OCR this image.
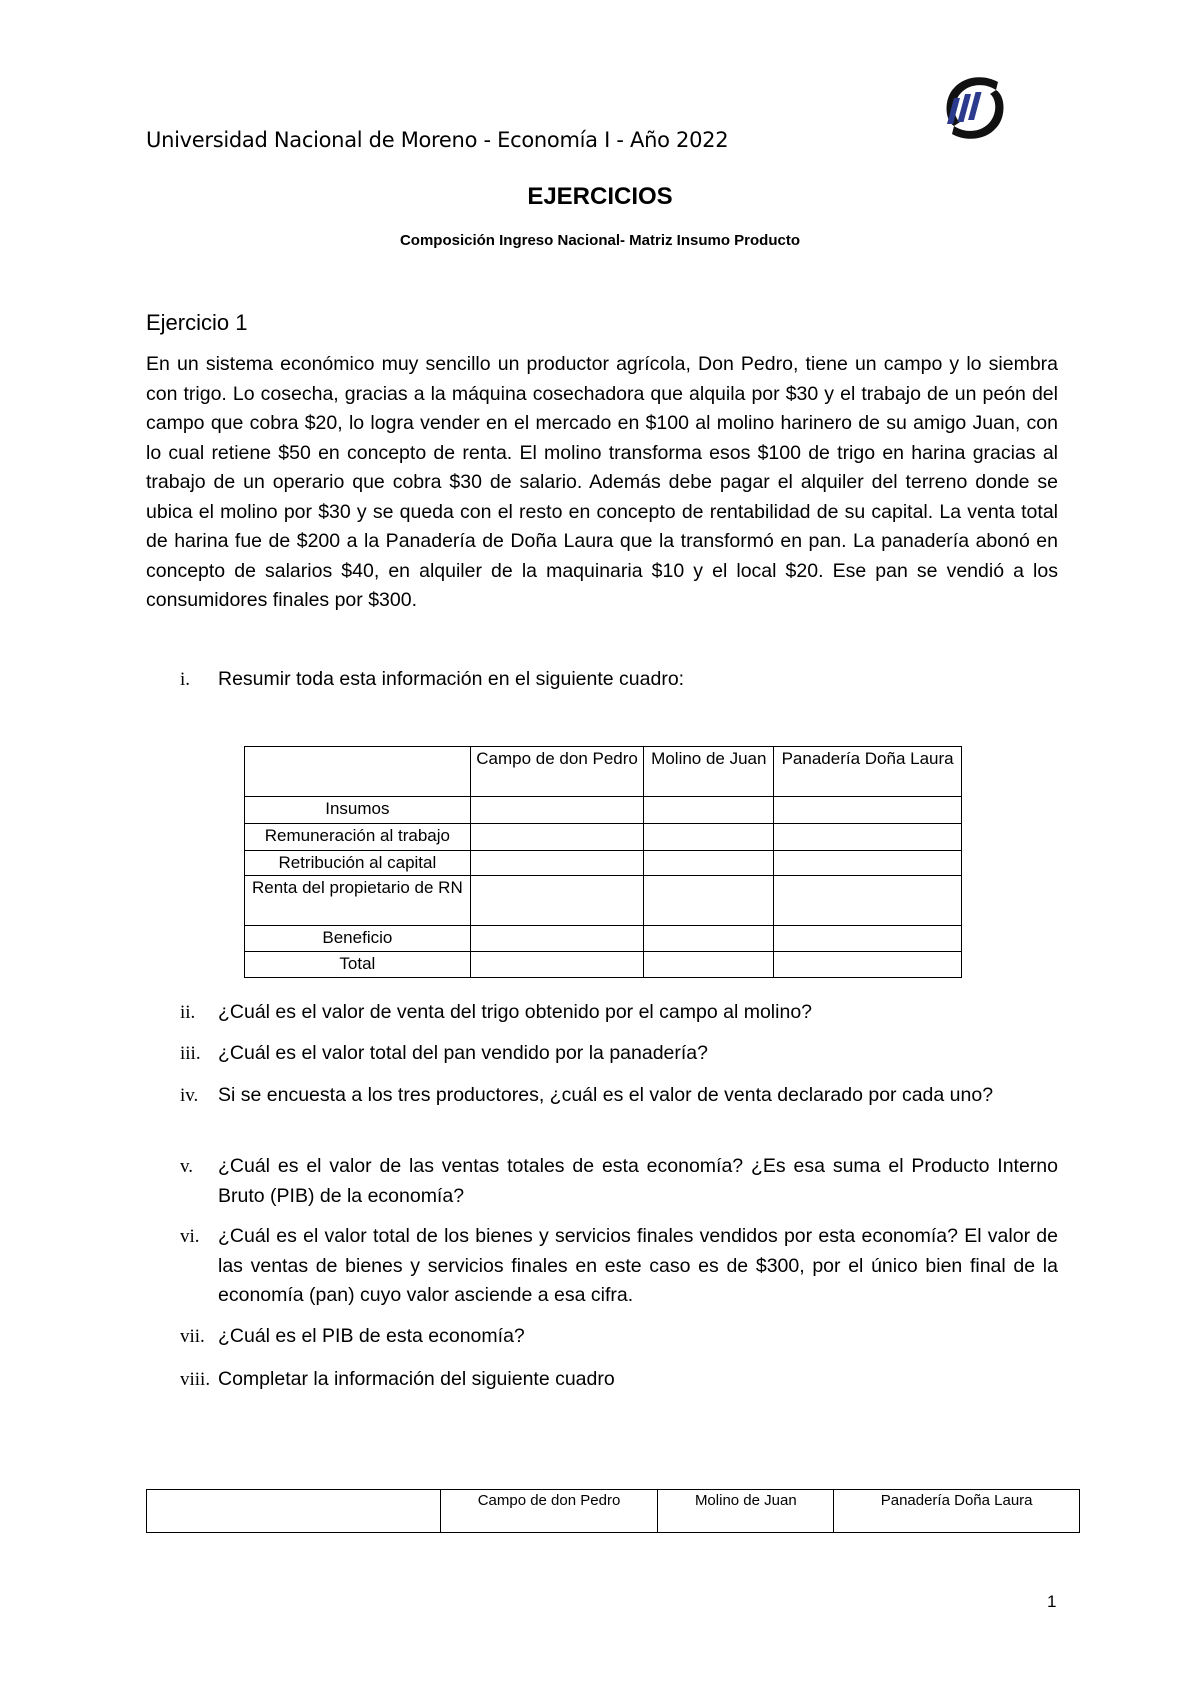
Universidad Nacional de Moreno - Economía I - Año 2022
EJERCICIOS
Composición Ingreso Nacional- Matriz Insumo Producto
Ejercicio 1
En un sistema económico muy sencillo un productor agrícola, Don Pedro, tiene un campo y lo siembra con trigo. Lo cosecha, gracias a la máquina cosechadora que alquila por $30 y el trabajo de un peón del campo que cobra $20, lo logra vender en el mercado en $100 al molino harinero de su amigo Juan, con lo cual retiene $50 en concepto de renta. El molino transforma esos $100 de trigo en harina gracias al trabajo de un operario que cobra $30 de salario. Además debe pagar el alquiler del terreno donde se ubica el molino por $30 y se queda con el resto en concepto de rentabilidad de su capital. La venta total de harina fue de $200 a la Panadería de Doña Laura que la transformó en pan. La panadería abonó en concepto de salarios $40, en alquiler de la maquinaria $10 y el local $20. Ese pan se vendió a los consumidores finales por $300.
i. Resumir toda esta información en el siguiente cuadro:
	Campo de don Pedro	Molino de Juan	Panadería Doña Laura
Insumos			
Remuneración al trabajo			
Retribución al capital			
Renta del propietario de RN			
Beneficio			
Total			
ii. ¿Cuál es el valor de venta del trigo obtenido por el campo al molino?
iii. ¿Cuál es el valor total del pan vendido por la panadería?
iv. Si se encuesta a los tres productores, ¿cuál es el valor de venta declarado por cada uno?
v. ¿Cuál es el valor de las ventas totales de esta economía? ¿Es esa suma el Producto Interno Bruto (PIB) de la economía?
vi. ¿Cuál es el valor total de los bienes y servicios finales vendidos por esta economía? El valor de las ventas de bienes y servicios finales en este caso es de $300, por el único bien final de la economía (pan) cuyo valor asciende a esa cifra.
vii. ¿Cuál es el PIB de esta economía?
viii. Completar la información del siguiente cuadro
	Campo de don Pedro	Molino de Juan	Panadería Doña Laura
1
